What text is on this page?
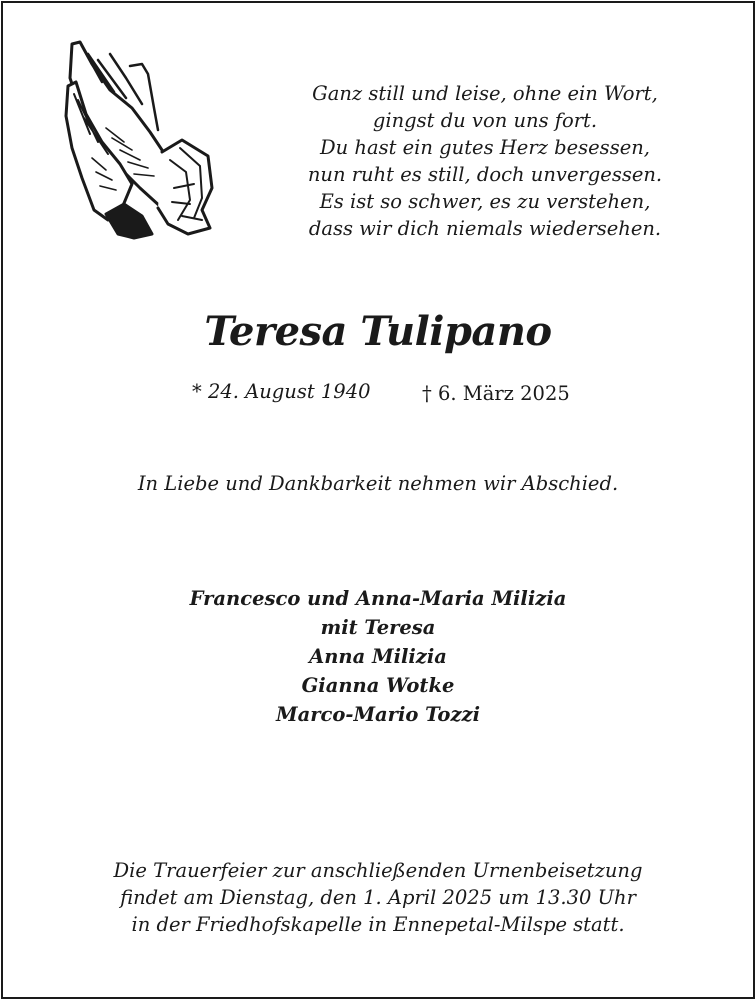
Ganz still und leise, ohne ein Wort,
gingst du von uns fort.
Du hast ein gutes Herz besessen,
nun ruht es still, doch unvergessen.
Es ist so schwer, es zu verstehen,
dass wir dich niemals wiedersehen.
Teresa Tulipano
* 24. August 1940	† 6. März 2025
In Liebe und Dankbarkeit nehmen wir Abschied.
Francesco und Anna-Maria Milizia
mit Teresa
Anna Milizia
Gianna Wotke
Marco-Mario Tozzi
Die Trauerfeier zur anschließenden Urnenbeisetzung
findet am Dienstag, den 1. April 2025 um 13.30 Uhr
in der Friedhofskapelle in Ennepetal-Milspe statt.
